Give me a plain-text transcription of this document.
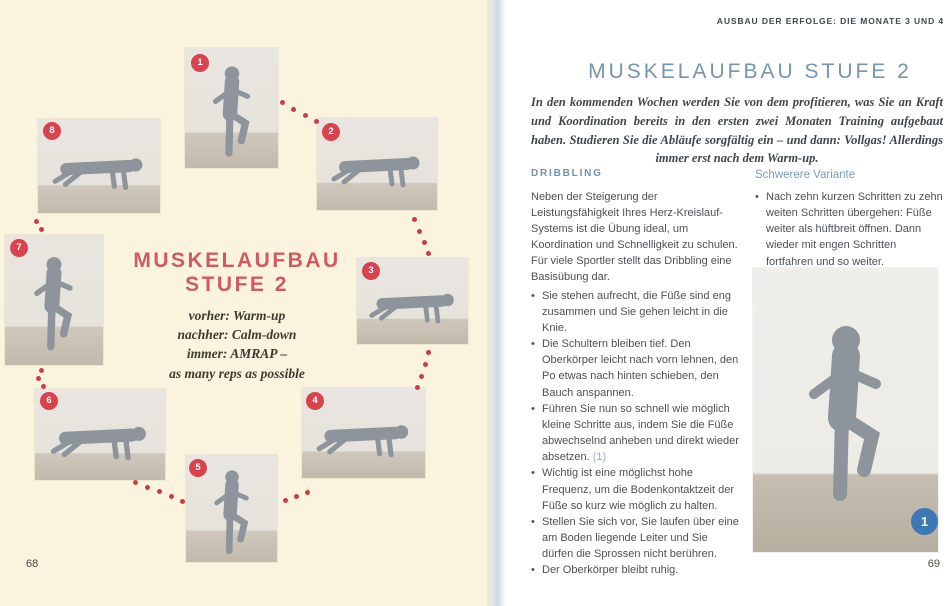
1
2
3
4
5
6
7
8
MUSKELAUFBAU
STUFE 2
vorher: Warm-up
nachher: Calm-down
immer: AMRAP –
as many reps as possible
68
AUSBAU DER ERFOLGE: DIE MONATE 3 UND 4
MUSKELAUFBAU STUFE 2
In den kommenden Wochen werden Sie von dem profitieren, was Sie an Kraft und Koordination bereits in den ersten zwei Monaten Training aufgebaut haben. Studieren Sie die Abläufe sorgfältig ein – und dann: Vollgas! Allerdings immer erst nach dem Warm-up.
DRIBBLING

Neben der Steigerung der Leistungsfähigkeit Ihres Herz-Kreislauf-Systems ist die Übung ideal, um Koordination und Schnelligkeit zu schulen. Für viele Sportler stellt das Dribbling eine Basisübung dar.

• Sie stehen aufrecht, die Füße sind eng zusammen und Sie gehen leicht in die Knie.
• Die Schultern bleiben tief. Den Oberkörper leicht nach vorn lehnen, den Po etwas nach hinten schieben, den Bauch anspannen.
• Führen Sie nun so schnell wie möglich kleine Schritte aus, indem Sie die Füße abwechselnd anheben und direkt wieder absetzen. (1)
• Wichtig ist eine möglichst hohe Frequenz, um die Bodenkontaktzeit der Füße so kurz wie möglich zu halten.
• Stellen Sie sich vor, Sie laufen über eine am Boden liegende Leiter und Sie dürfen die Sprossen nicht berühren.
• Der Oberkörper bleibt ruhig.
Schwerere Variante
• Nach zehn kurzen Schritten zu zehn weiten Schritten übergehen: Füße weiter als hüftbreit öffnen. Dann wieder mit engen Schritten fortfahren und so weiter.
1
69
